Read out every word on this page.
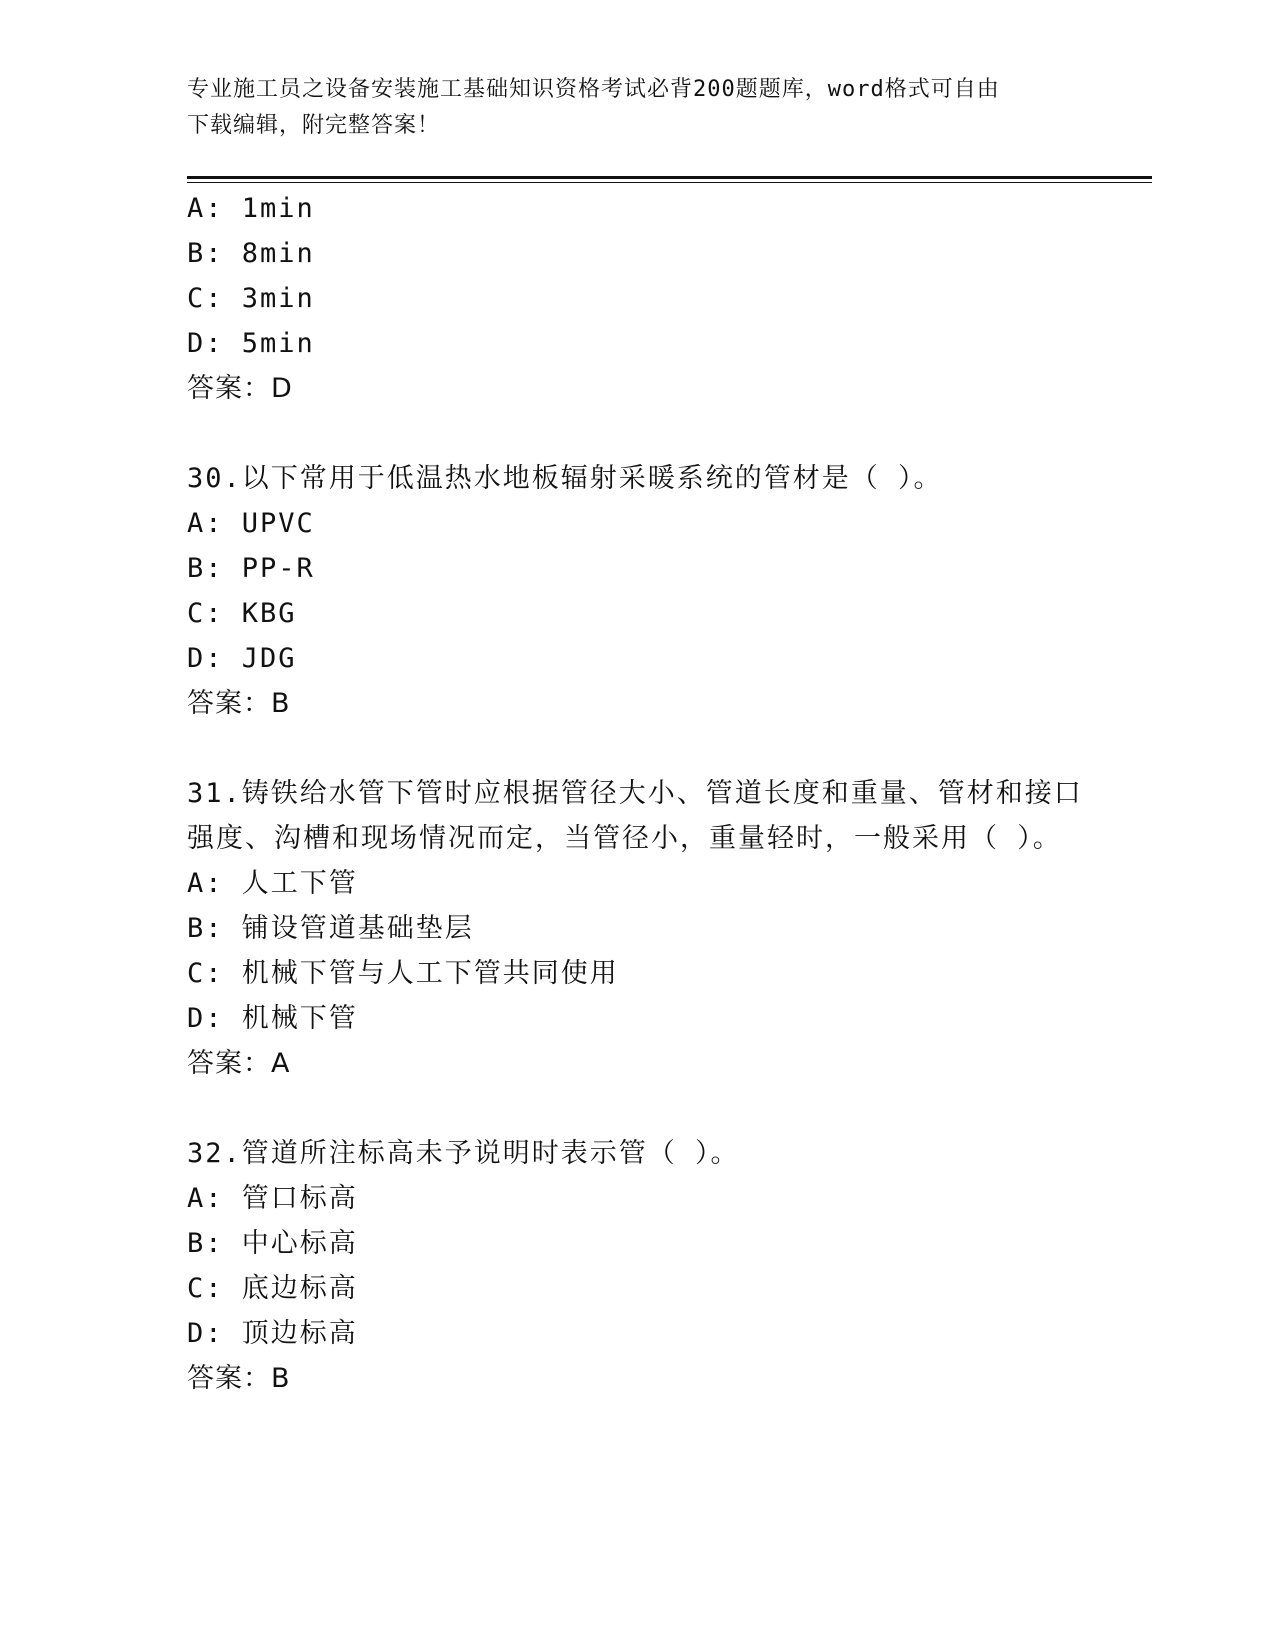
专业施工员之设备安装施工基础知识资格考试必背200题题库，word格式可自由
下载编辑，附完整答案！
A: 1min
B: 8min
C: 3min
D: 5min
答案：D
30.以下常用于低温热水地板辐射采暖系统的管材是（ ）。
A: UPVC
B: PP-R
C: KBG
D: JDG
答案：B
31.铸铁给水管下管时应根据管径大小、管道长度和重量、管材和接口
强度、沟槽和现场情况而定，当管径小，重量轻时，一般采用（ ）。
A: 人工下管
B: 铺设管道基础垫层
C: 机械下管与人工下管共同使用
D: 机械下管
答案：A
32.管道所注标高未予说明时表示管（ ）。
A: 管口标高
B: 中心标高
C: 底边标高
D: 顶边标高
答案：B
